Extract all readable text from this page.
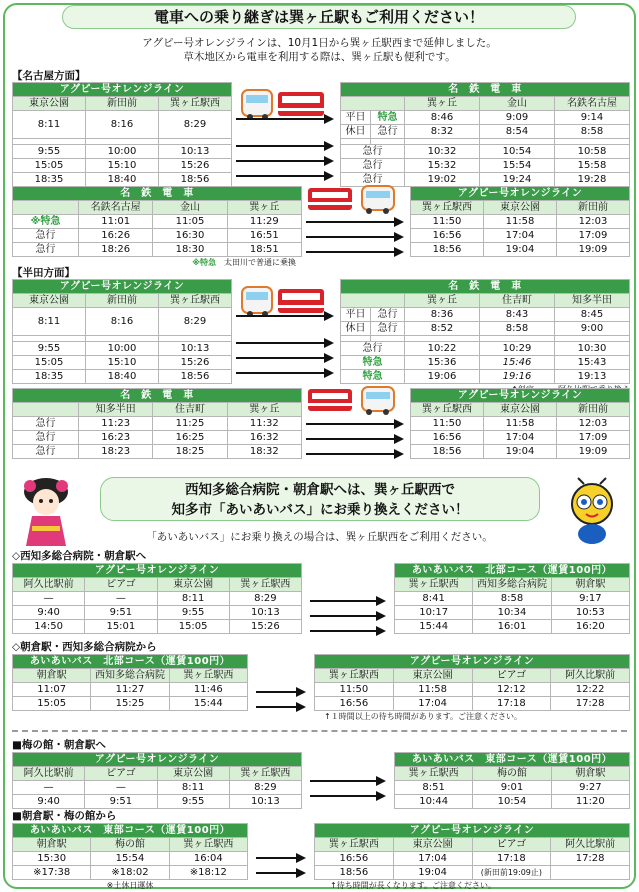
電車への乗り継ぎは巽ヶ丘駅もご利用ください！
アグピー号オレンジラインは、10月1日から巽ヶ丘駅西まで延伸しました。
草木地区から電車を利用する際は、巽ヶ丘駅も便利です。
【名古屋方面】
アグピー号オレンジライン		
東京公園	新田前	巽ヶ丘駅西
8:11	8:16	8:29

9:55	10:00	10:13
15:05	15:10	15:26
18:35	18:40	18:56
名　鉄　電　車				
		巽ヶ丘	金山	名鉄名古屋
平日	特急	8:46	9:09	9:14
休日	急行	8:32	8:54	8:58

急行		10:32	10:54	10:58
急行		15:32	15:54	15:58
急行		19:02	19:24	19:28
名　鉄　電　車			
	名鉄名古屋	金山	巽ヶ丘
※特急	11:01	11:05	11:29
急行	16:26	16:30	16:51
急行	18:26	18:30	18:51
※特急　 太田川で普通に乗換
アグピー号オレンジライン		
巽ヶ丘駅西	東京公園	新田前
11:50	11:58	12:03
16:56	17:04	17:09
18:56	19:04	19:09
【半田方面】
アグピー号オレンジライン		
東京公園	新田前	巽ヶ丘駅西
8:11	8:16	8:29

9:55	10:00	10:13
15:05	15:10	15:26
18:35	18:40	18:56
名　鉄　電　車				
		巽ヶ丘	住吉町	知多半田
平日	急行	8:36	8:43	8:45
休日	急行	8:52	8:58	9:00

急行		10:22	10:29	10:30
特急		15:36	15:46	15:43
特急		19:06	19:16	19:13
名　鉄　電　車			
	知多半田	住吉町	巽ヶ丘
急行	11:23	11:25	11:32
急行	16:23	16:25	16:32
急行	18:23	18:25	18:32
アグピー号オレンジライン		
巽ヶ丘駅西	東京公園	新田前
11:50	11:58	12:03
16:56	17:04	17:09
18:56	19:04	19:09
西知多総合病院・朝倉駅へは、巽ヶ丘駅西で
知多市「あいあいバス」にお乗り換えください！
「あいあいバス」にお乗り換えの場合は、巽ヶ丘駅西をご利用ください。
◇西知多総合病院・朝倉駅へ
アグピー号オレンジライン			
阿久比駅前	ピアゴ	東京公園	巽ヶ丘駅西
—	—	8:11	8:29
9:40	9:51	9:55	10:13
14:50	15:01	15:05	15:26
あいあいバス　北部コース（運賃100円）		
巽ヶ丘駅西	西知多総合病院	朝倉駅
8:41	8:58	9:17
10:17	10:34	10:53
15:44	16:01	16:20
◇朝倉駅・西知多総合病院から
あいあいバス　北部コース（運賃100円）		
朝倉駅	西知多総合病院	巽ヶ丘駅西
11:07	11:27	11:46
15:05	15:25	15:44
アグピー号オレンジライン			
巽ヶ丘駅西	東京公園	ピアゴ	阿久比駅前
11:50	11:58	12:12	12:22
16:56	17:04	17:18	17:28
↑１時間以上の待ち時間があります。ご注意ください。
■梅の館・朝倉駅へ
アグピー号オレンジライン			
阿久比駅前	ピアゴ	東京公園	巽ヶ丘駅西
—	—	8:11	8:29
9:40	9:51	9:55	10:13
あいあいバス　東部コース（運賃100円）		
巽ヶ丘駅西	梅の館	朝倉駅
8:51	9:01	9:27
10:44	10:54	11:20
■朝倉駅・梅の館から
あいあいバス　東部コース（運賃100円）		
朝倉駅	梅の館	巽ヶ丘駅西
15:30	15:54	16:04
※17:38	※18:02	※18:12
※土休日運休
アグピー号オレンジライン			
巽ヶ丘駅西	東京公園	ピアゴ	阿久比駅前
16:56	17:04	17:18	17:28
18:56	19:04	(新田前19:09止)	
↑待ち時間が長くなります。ご注意ください。
